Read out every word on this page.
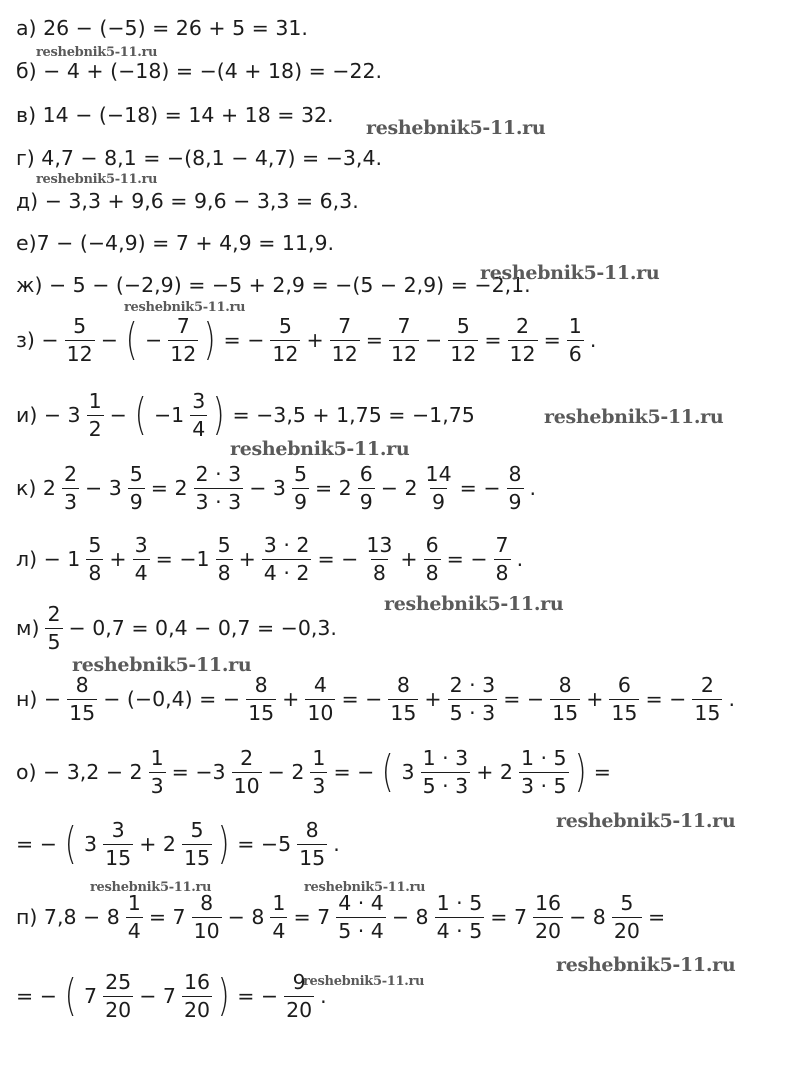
а) 26 − (−5) = 26 + 5 = 31.
б) − 4 + (−18) = −(4 + 18) = −22.
в) 14 − (−18) = 14 + 18 = 32.
г) 4,7 − 8,1 = −(8,1 − 4,7) = −3,4.
д) − 3,3 + 9,6 = 9,6 − 3,3 = 6,3.
е)7 − (−4,9) = 7 + 4,9 = 11,9.
ж) − 5 − (−2,9) = −5 + 2,9 = −(5 − 2,9) = −2,1.
$з) - \frac{5}{12}$ − ( − $\frac{7}{12}$ ) = − $\frac{5}{12} + \frac{7}{12} = \frac{7}{12} - \frac{5}{12} = \frac{2}{12} = \frac{1}{6}$ .
$и) - 3 \frac{1}{2}$ − ( $-1 \frac{3}{4}$ ) = −3,5 + 1,75 = −1,75
к) $2 \frac{2}{3} - 3 \frac{5}{9} = 2 \frac{2 \cdot 3}{3 \cdot 3} - 3 \frac{5}{9} = 2 \frac{6}{9} - 2 \frac{14}{9}$ = − $\frac{8}{9}$ .
$л) - 1 \frac{5}{8} + \frac{3}{4} = -1 \frac{5}{8} + \frac{3 \cdot 2}{4 \cdot 2}$ = − $\frac{13}{8} + \frac{6}{8}$ = − $\frac{7}{8}$ .
$м) \frac{2}{5} - 0,7 = 0,4 - 0,7 = -0,3$.
$н) - \frac{8}{15} - (-0,4)$ = − $\frac{8}{15} + \frac{4}{10}$ = − $\frac{8}{15} + \frac{2 \cdot 3}{5 \cdot 3}$ = − $\frac{8}{15} + \frac{6}{15}$ = − $\frac{2}{15}$ .
$о) - 3,2 - 2 \frac{1}{3} = -3 \frac{2}{10} - 2 \frac{1}{3}$ = − ( $3 \frac{1 \cdot 3}{5 \cdot 3} + 2 \frac{1 \cdot 5}{3 \cdot 5}$ ) =
= − ( $3 \frac{3}{15} + 2 \frac{5}{15}$ ) = $-5 \frac{8}{15}$ .
п) $7,8 - 8 \frac{1}{4} = 7 \frac{8}{10} - 8 \frac{1}{4} = 7 \frac{4 \cdot 4}{5 \cdot 4} - 8 \frac{1 \cdot 5}{4 \cdot 5} = 7 \frac{16}{20} - 8 \frac{5}{20}$ =
= − ( $7 \frac{25}{20} - 7 \frac{16}{20}$ ) = − $\frac{9}{20}$ .
reshebnik5-11.ru
reshebnik5-11.ru
reshebnik5-11.ru
reshebnik5-11.ru
reshebnik5-11.ru
reshebnik5-11.ru
reshebnik5-11.ru
reshebnik5-11.ru
reshebnik5-11.ru
reshebnik5-11.ru
reshebnik5-11.ru	reshebnik5-11.ru
reshebnik5-11.ru
reshebnik5-11.ru
